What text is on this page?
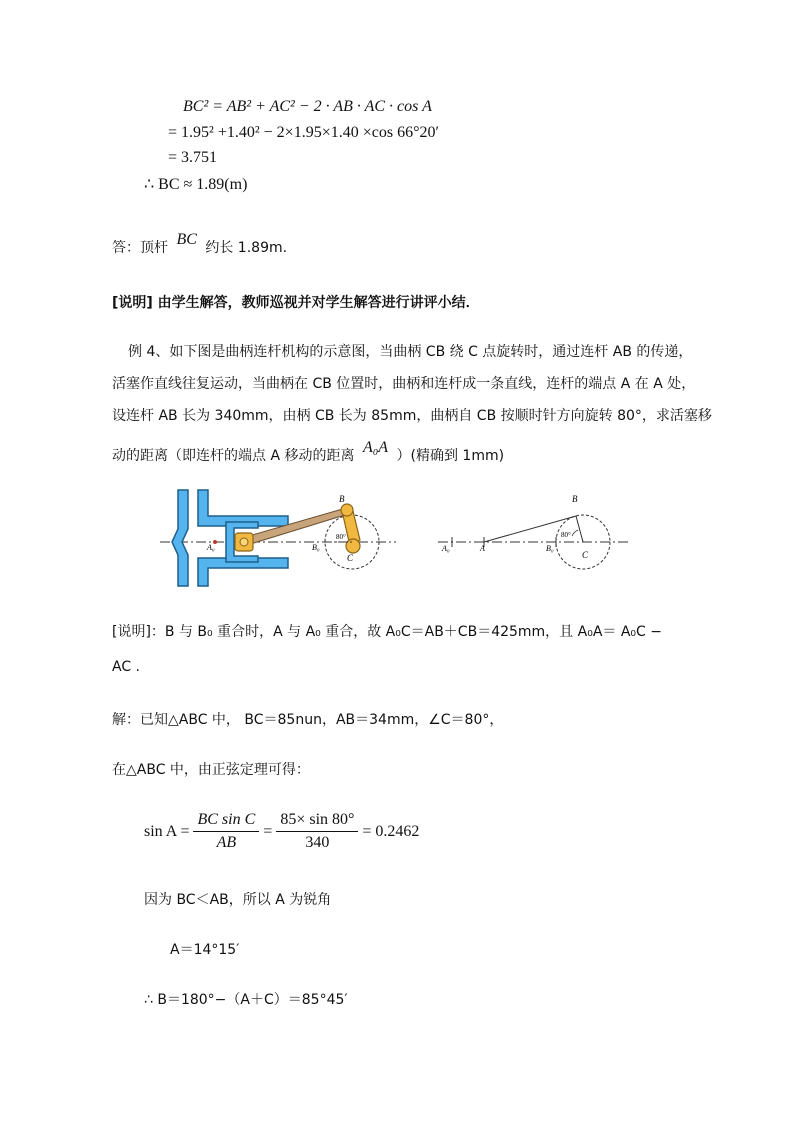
BC² = AB² + AC² − 2 · AB · AC · cos A
= 1.95² +1.40² − 2×1.95×1.40 ×cos 66°20′
= 3.751
∴ BC ≈ 1.89(m)
答：顶杆 BC 约长 1.89m.
[说明] 由学生解答，教师巡视并对学生解答进行讲评小结．
例 4、如下图是曲柄连杆机构的示意图，当曲柄 CB 绕 C 点旋转时，通过连杆 AB 的传递，
活塞作直线往复运动，当曲柄在 CB 位置时，曲柄和连杆成一条直线，连杆的端点 A 在 A 处，
设连杆 AB 长为 340mm，由柄 CB 长为 85mm，曲柄自 CB 按顺时针方向旋转 80°，求活塞移
动的距离（即连杆的端点 A 移动的距离 A₀A ）(精确到 1mm)
B
A₀	B₀
80°
C
B
A₀	A	B₀
80°
C
[说明]：B 与 B₀ 重合时，A 与 A₀ 重合，故 A₀C＝AB＋CB＝425mm，且 A₀A＝ A₀C −
AC .
解：已知△ABC 中， BC＝85nun，AB＝34mm，∠C＝80°，
在△ABC 中，由正弦定理可得：
$\sin A = \frac{\text{BC sin C}}{AB} = \frac{85\times \sin 80^\circ}{340} = 0.2462$
因为 BC＜AB，所以 A 为锐角
A＝14°15′
∴ B＝180°−（A＋C）＝85°45′
